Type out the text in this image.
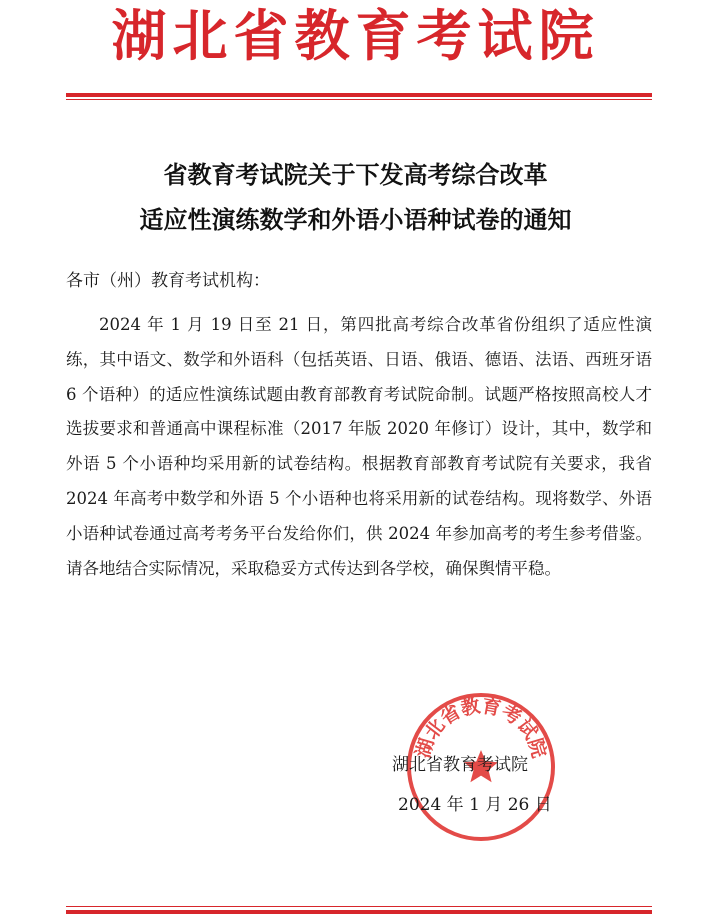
湖北省教育考试院
省教育考试院关于下发高考综合改革
适应性演练数学和外语小语种试卷的通知
各市（州）教育考试机构：

2024 年 1 月 19 日至 21 日，第四批高考综合改革省份组织了适应性演练，其中语文、数学和外语科（包括英语、日语、俄语、德语、法语、西班牙语 6 个语种）的适应性演练试题由教育部教育考试院命制。试题严格按照高校人才选拔要求和普通高中课程标准（2017 年版 2020 年修订）设计，其中，数学和外语 5 个小语种均采用新的试卷结构。根据教育部教育考试院有关要求，我省 2024 年高考中数学和外语 5 个小语种也将采用新的试卷结构。现将数学、外语小语种试卷通过高考考务平台发给你们，供 2024 年参加高考的考生参考借鉴。请各地结合实际情况，采取稳妥方式传达到各学校，确保舆情平稳。

湖北省教育考试院
湖北省教育考试院
2024 年 1 月 26 日
